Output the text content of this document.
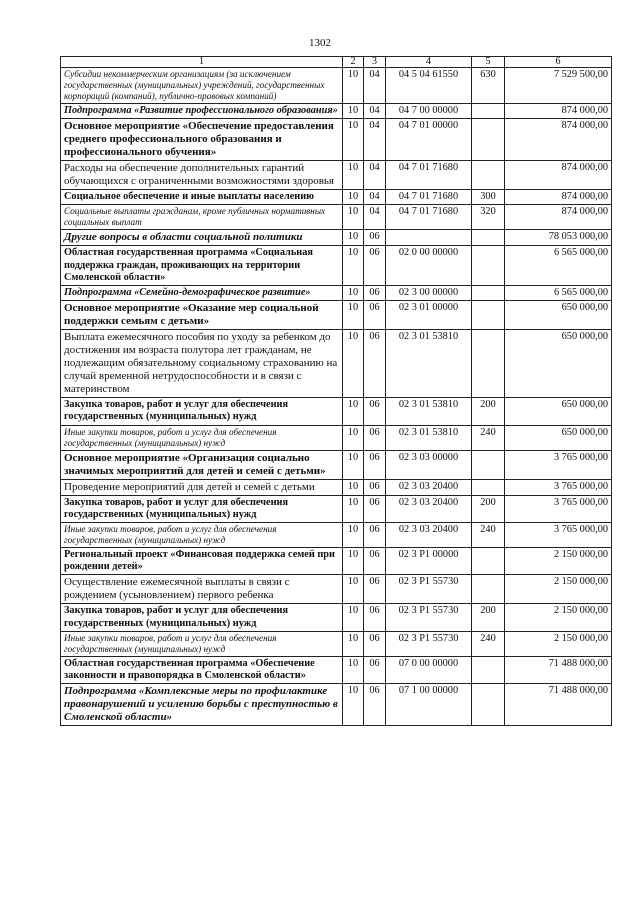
1302
1	2	3	4	5	6
Субсидии некоммерческим организациям (за исключением государственных (муниципальных) учреждений, государственных корпораций (компаний), публично-правовых компаний)	10	04	04 5 04 61550	630	7 529 500,00
Подпрограмма «Развитие профессионального образования»	10	04	04 7 00 00000		874 000,00
Основное мероприятие «Обеспечение предоставления среднего профессионального образования и профессионального обучения»	10	04	04 7 01 00000		874 000,00
Расходы на обеспечение дополнительных гарантий обучающихся с ограниченными возможностями здоровья	10	04	04 7 01 71680		874 000,00
Социальное обеспечение и иные выплаты населению	10	04	04 7 01 71680	300	874 000,00
Социальные выплаты гражданам, кроме публичных нормативных социальных выплат	10	04	04 7 01 71680	320	874 000,00
Другие вопросы в области социальной политики	10	06			78 053 000,00
Областная государственная программа «Социальная поддержка граждан, проживающих на территории Смоленской области»	10	06	02 0 00 00000		6 565 000,00
Подпрограмма «Семейно-демографическое развитие»	10	06	02 3 00 00000		6 565 000,00
Основное мероприятие «Оказание мер социальной поддержки семьям с детьми»	10	06	02 3 01 00000		650 000,00
Выплата ежемесячного пособия по уходу за ребенком до достижения им возраста полутора лет гражданам, не подлежащим обязательному социальному страхованию на случай временной нетрудоспособности и в связи с материнством	10	06	02 3 01 53810		650 000,00
Закупка товаров, работ и услуг для обеспечения государственных (муниципальных) нужд	10	06	02 3 01 53810	200	650 000,00
Иные закупки товаров, работ и услуг для обеспечения государственных (муниципальных) нужд	10	06	02 3 01 53810	240	650 000,00
Основное мероприятие «Организация социально значимых мероприятий для детей и семей с детьми»	10	06	02 3 03 00000		3 765 000,00
Проведение мероприятий для детей и семей с детьми	10	06	02 3 03 20400		3 765 000,00
Закупка товаров, работ и услуг для обеспечения государственных (муниципальных) нужд	10	06	02 3 03 20400	200	3 765 000,00
Иные закупки товаров, работ и услуг для обеспечения государственных (муниципальных) нужд	10	06	02 3 03 20400	240	3 765 000,00
Региональный проект «Финансовая поддержка семей при рождении детей»	10	06	02 3 P1 00000		2 150 000,00
Осуществление ежемесячной выплаты в связи с рождением (усыновлением) первого ребенка	10	06	02 3 P1 55730		2 150 000,00
Закупка товаров, работ и услуг для обеспечения государственных (муниципальных) нужд	10	06	02 3 P1 55730	200	2 150 000,00
Иные закупки товаров, работ и услуг для обеспечения государственных (муниципальных) нужд	10	06	02 3 P1 55730	240	2 150 000,00
Областная государственная программа «Обеспечение законности и правопорядка в Смоленской области»	10	06	07 0 00 00000		71 488 000,00
Подпрограмма «Комплексные меры по профилактике правонарушений и усилению борьбы с преступностью в Смоленской области»	10	06	07 1 00 00000		71 488 000,00
